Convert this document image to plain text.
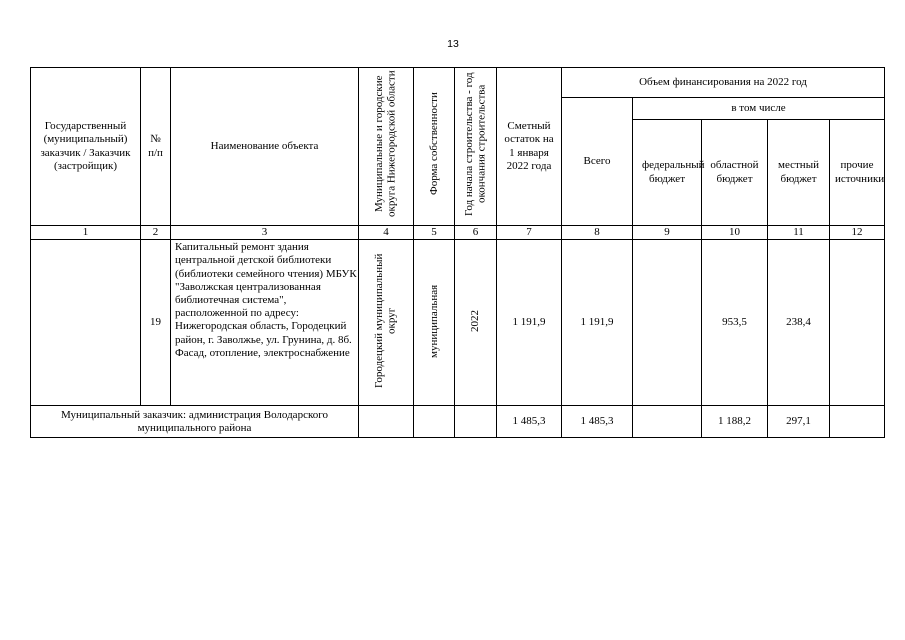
13
Государственный (муниципальный) заказчик / Заказчик (застройщик)	№ п/п	Наименование объекта	Муниципальные и городские округа Нижегородской области	Форма собственности	Год начала строительства - год окончания строительства	Сметный остаток на 1 января 2022 года	Объем финансирования на 2022 год				
							Всего	в том числе			
								федеральный бюджет	областной бюджет	местный бюджет	прочие источники
1	2	3	4	5	6	7	8	9	10	11	12
	19	Капитальный ремонт здания центральной детской библиотеки (библиотеки семейного чтения) МБУК "Заволжская централизованная библиотечная система", расположенной по адресу: Нижегородская область, Городецкий район, г. Заволжье, ул. Грунина, д. 8б. Фасад, отопление, электроснабжение	Городецкий муниципальный округ	муниципальная	2022	1 191,9	1 191,9		953,5	238,4	
Муниципальный заказчик: администрация Володарского муниципального района						1 485,3	1 485,3		1 188,2	297,1	
